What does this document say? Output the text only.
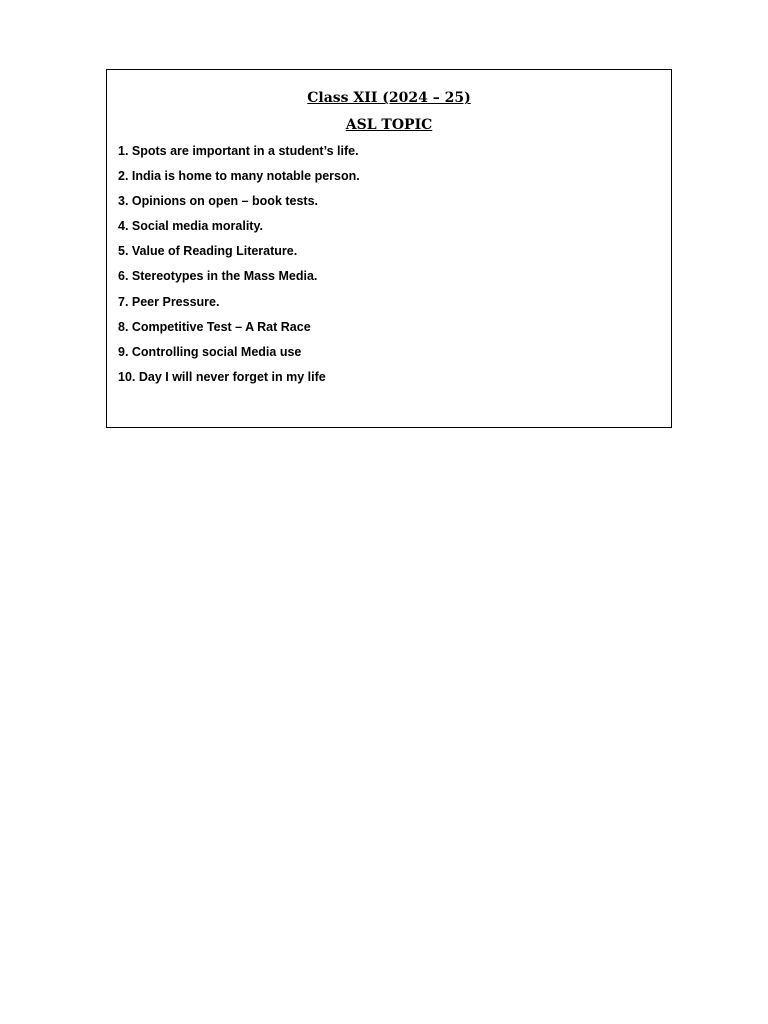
Class XII (2024 – 25)
ASL TOPIC
1. Spots are important in a student’s life.
2. India is home to many notable person.
3. Opinions on open – book tests.
4. Social media morality.
5. Value of Reading Literature.
6. Stereotypes in the Mass Media.
7. Peer Pressure.
8. Competitive Test – A Rat Race
9. Controlling social Media use
10. Day I will never forget in my life
